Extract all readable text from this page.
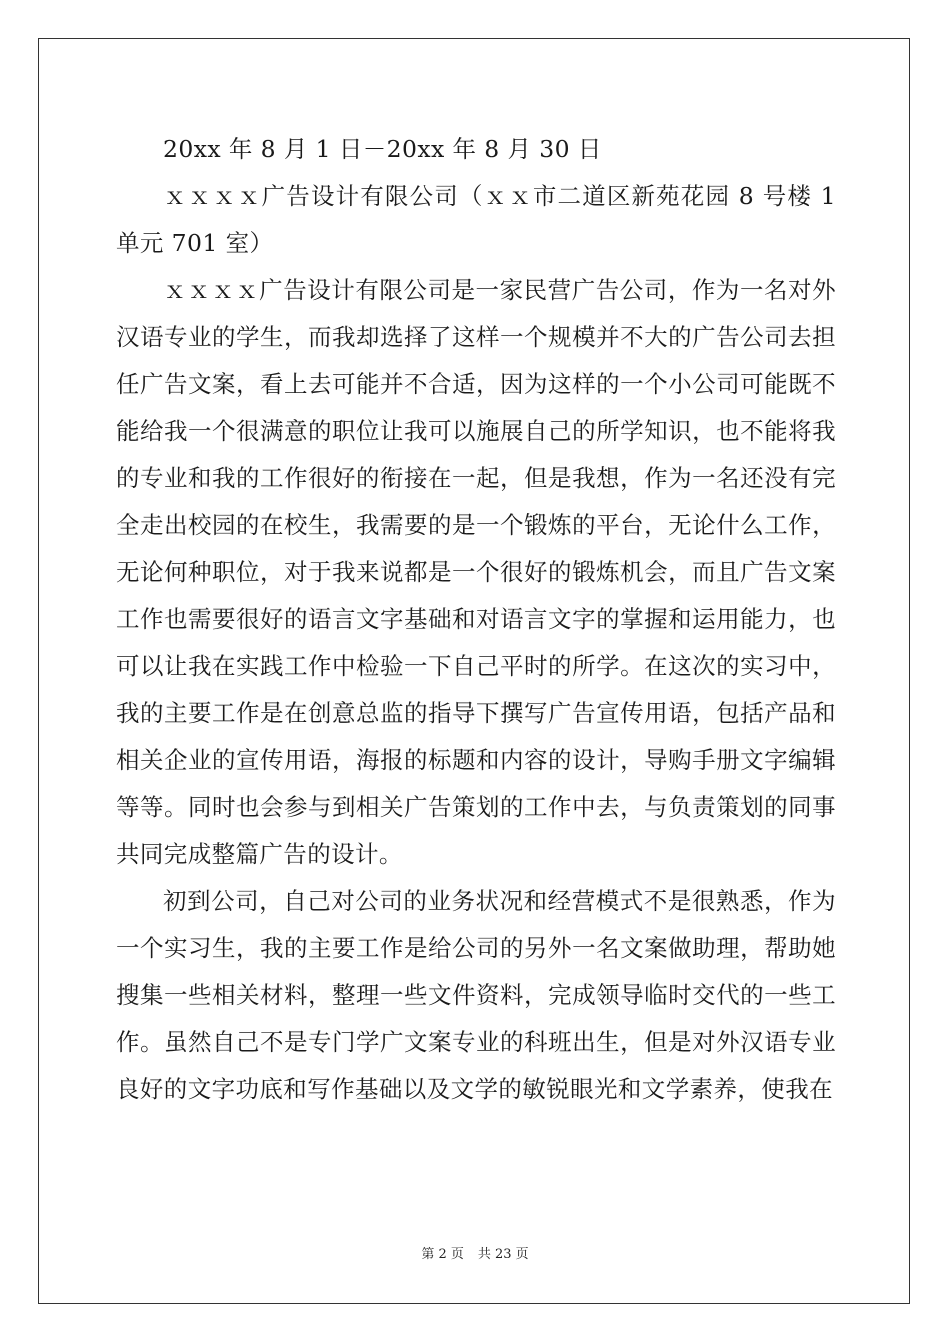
20xx 年 8 月 1 日－20xx 年 8 月 30 日

ｘｘｘｘ广告设计有限公司（ｘｘ市二道区新苑花园 8 号楼 1 单元 701 室）

ｘｘｘｘ广告设计有限公司是一家民营广告公司，作为一名对外汉语专业的学生，而我却选择了这样一个规模并不大的广告公司去担任广告文案，看上去可能并不合适，因为这样的一个小公司可能既不能给我一个很满意的职位让我可以施展自己的所学知识，也不能将我的专业和我的工作很好的衔接在一起，但是我想，作为一名还没有完全走出校园的在校生，我需要的是一个锻炼的平台，无论什么工作，无论何种职位，对于我来说都是一个很好的锻炼机会，而且广告文案工作也需要很好的语言文字基础和对语言文字的掌握和运用能力，也可以让我在实践工作中检验一下自己平时的所学。在这次的实习中，我的主要工作是在创意总监的指导下撰写广告宣传用语，包括产品和相关企业的宣传用语，海报的标题和内容的设计，导购手册文字编辑等等。同时也会参与到相关广告策划的工作中去，与负责策划的同事共同完成整篇广告的设计。

初到公司，自己对公司的业务状况和经营模式不是很熟悉，作为一个实习生，我的主要工作是给公司的另外一名文案做助理，帮助她搜集一些相关材料，整理一些文件资料，完成领导临时交代的一些工作。虽然自己不是专门学广文案专业的科班出生，但是对外汉语专业良好的文字功底和写作基础以及文学的敏锐眼光和文学素养，使我在

第 2 页 共 23 页
